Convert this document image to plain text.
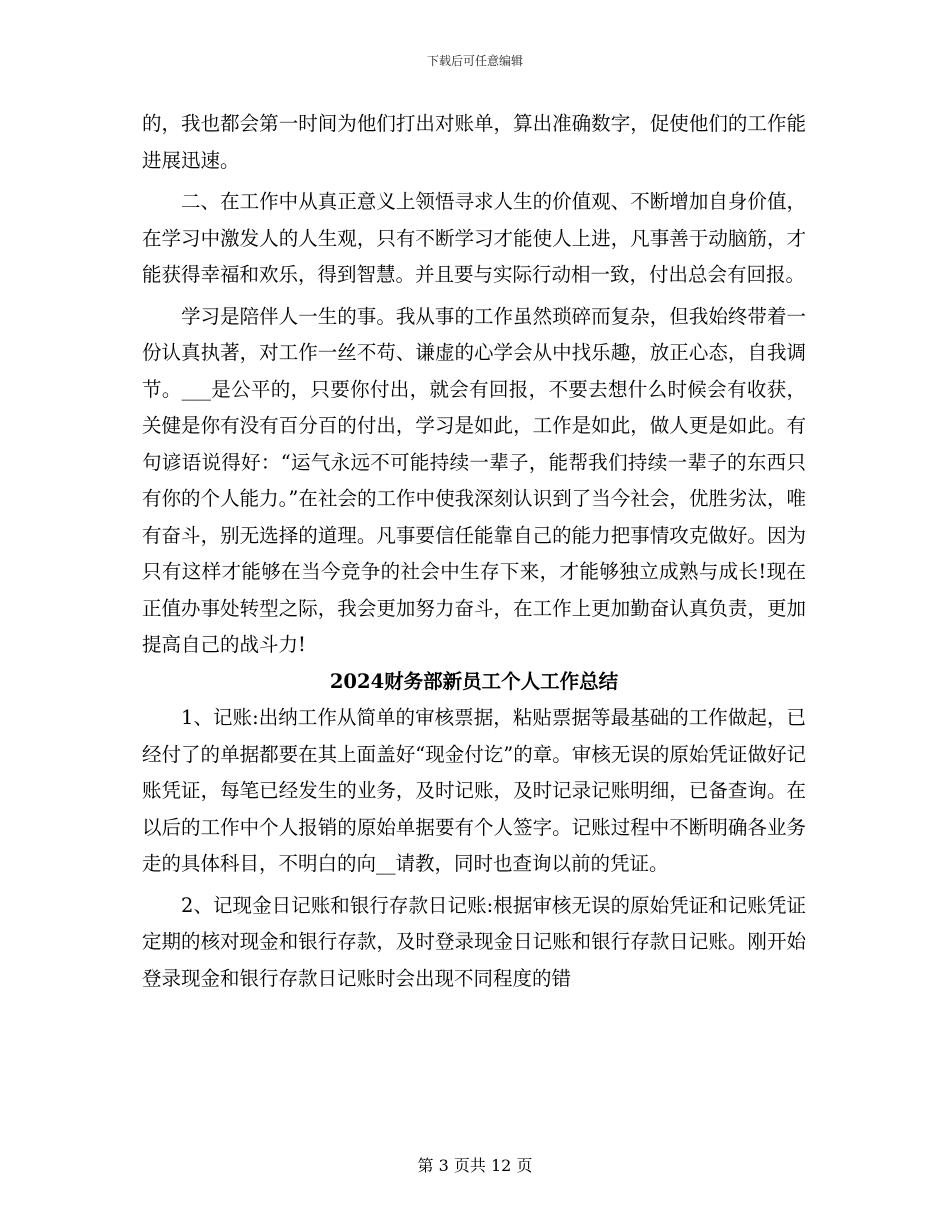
下载后可任意编辑

的，我也都会第一时间为他们打出对账单，算出准确数字，促使他们的工作能进展迅速。

二、在工作中从真正意义上领悟寻求人生的价值观、不断增加自身价值，在学习中激发人的人生观，只有不断学习才能使人上进，凡事善于动脑筋，才能获得幸福和欢乐，得到智慧。并且要与实际行动相一致，付出总会有回报。

学习是陪伴人一生的事。我从事的工作虽然琐碎而复杂，但我始终带着一份认真执著，对工作一丝不苟、谦虚的心学会从中找乐趣，放正心态，自我调节。___是公平的，只要你付出，就会有回报，不要去想什么时候会有收获，关健是你有没有百分百的付出，学习是如此，工作是如此，做人更是如此。有句谚语说得好：“运气永远不可能持续一辈子，能帮我们持续一辈子的东西只有你的个人能力。”在社会的工作中使我深刻认识到了当今社会，优胜劣汰，唯有奋斗，别无选择的道理。凡事要信任能靠自己的能力把事情攻克做好。因为只有这样才能够在当今竞争的社会中生存下来，才能够独立成熟与成长!现在正值办事处转型之际，我会更加努力奋斗，在工作上更加勤奋认真负责，更加提高自己的战斗力!

2024财务部新员工个人工作总结

1、记账:出纳工作从简单的审核票据，粘贴票据等最基础的工作做起，已经付了的单据都要在其上面盖好“现金付讫”的章。审核无误的原始凭证做好记账凭证，每笔已经发生的业务，及时记账，及时记录记账明细，已备查询。在以后的工作中个人报销的原始单据要有个人签字。记账过程中不断明确各业务走的具体科目，不明白的向__请教，同时也查询以前的凭证。

2、记现金日记账和银行存款日记账:根据审核无误的原始凭证和记账凭证定期的核对现金和银行存款，及时登录现金日记账和银行存款日记账。刚开始登录现金和银行存款日记账时会出现不同程度的错

第 3 页共 12 页
